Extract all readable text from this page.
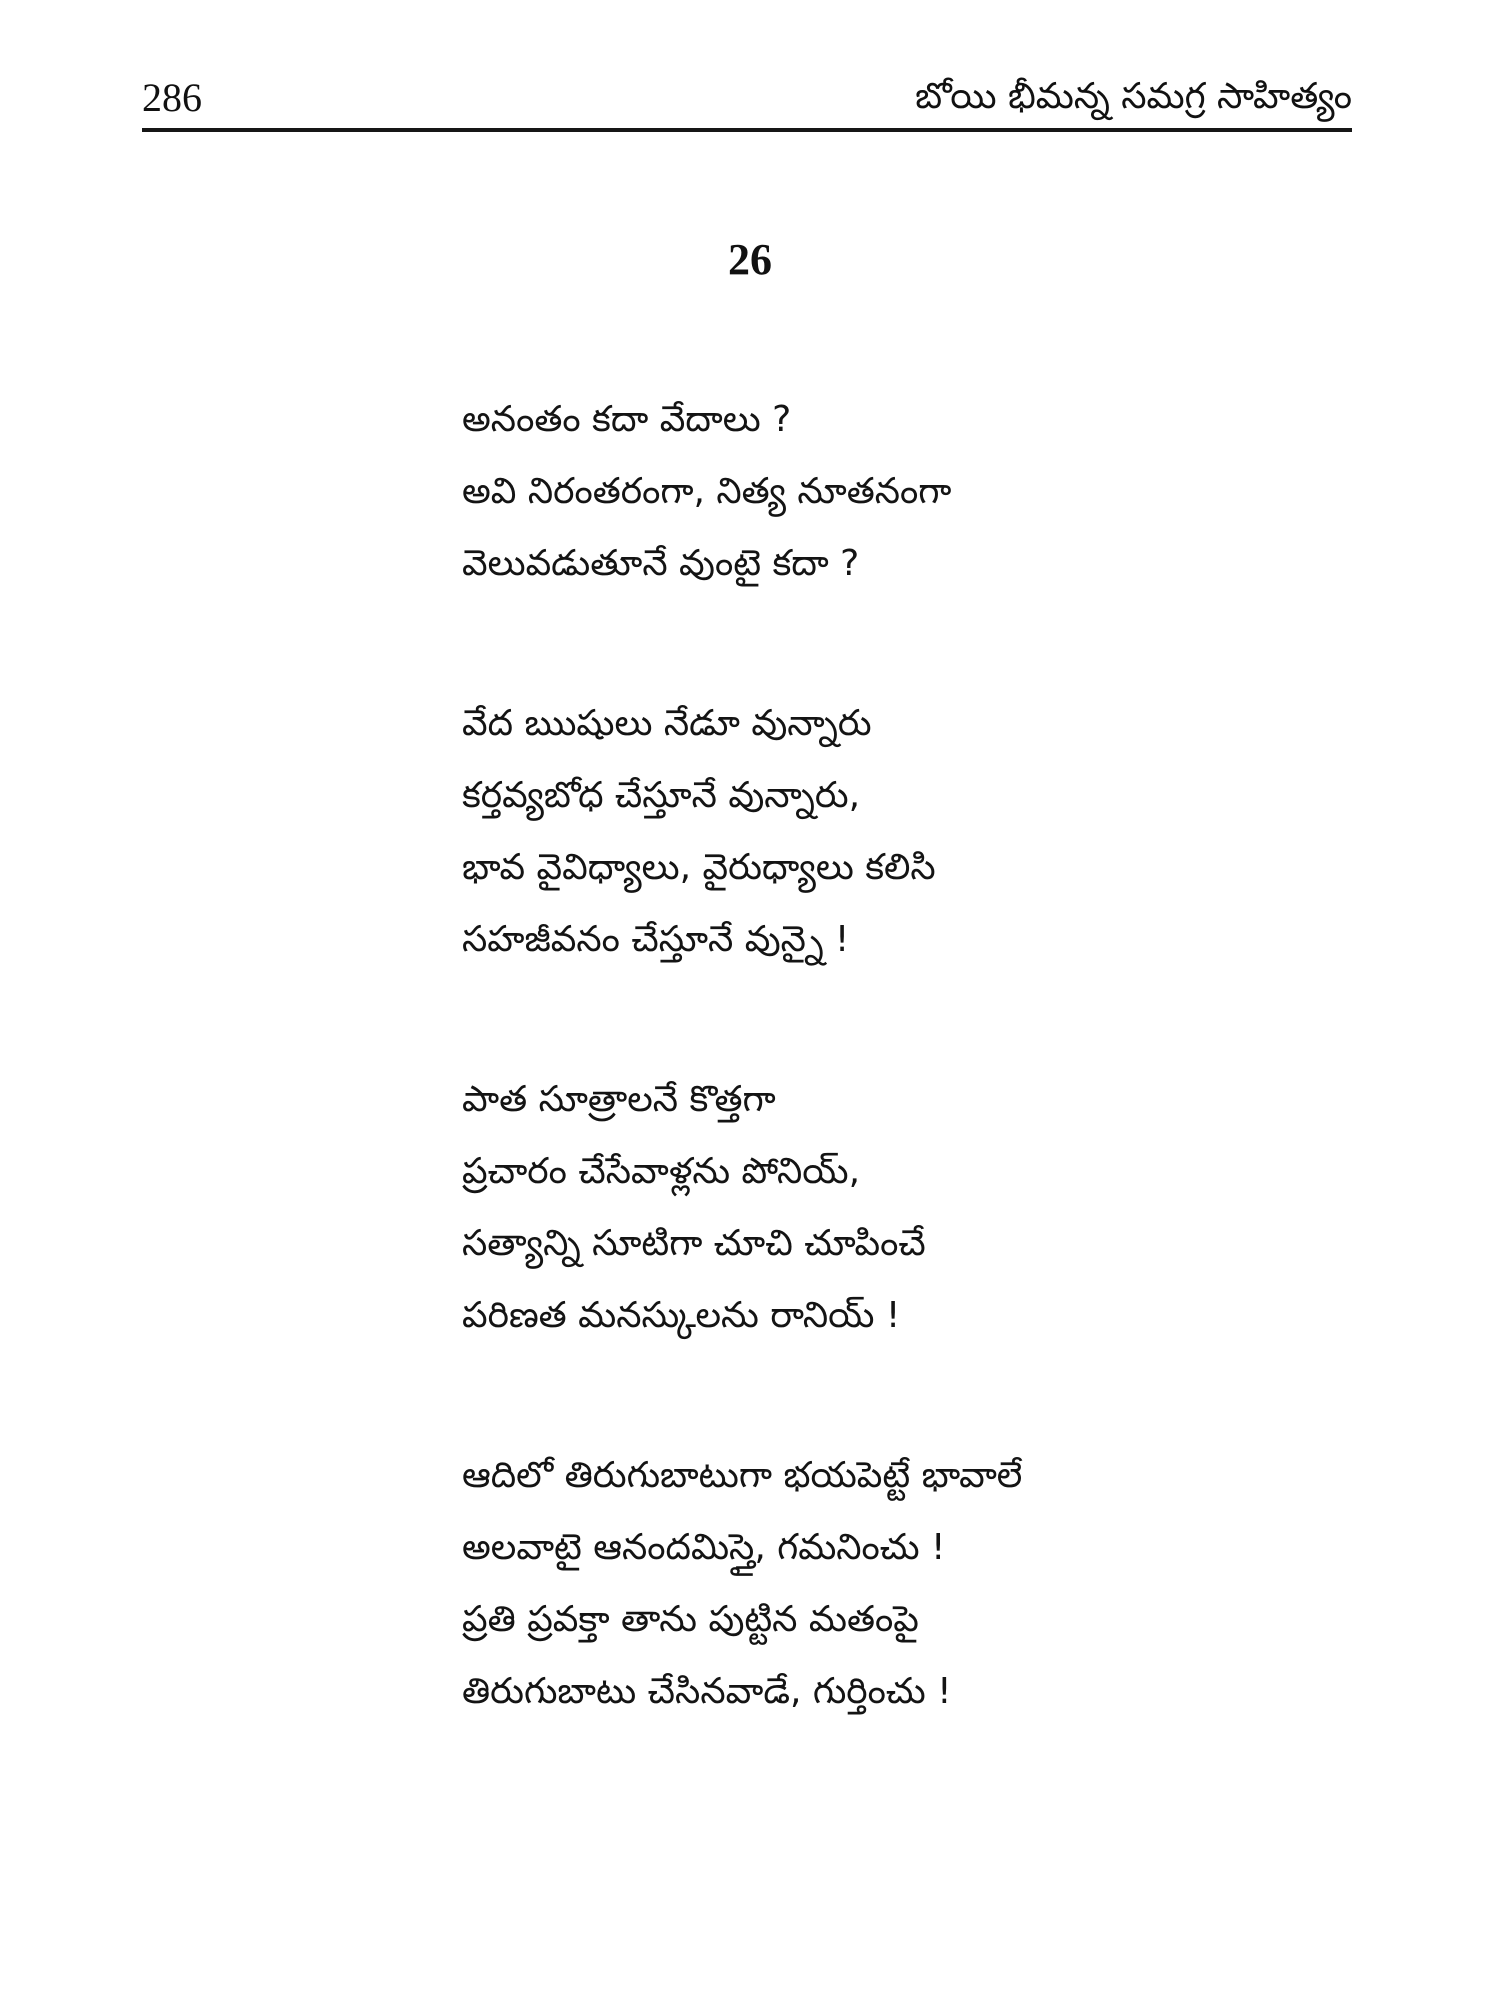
286	బోయి భీమన్న సమగ్ర సాహిత్యం
26
అనంతం కదా వేదాలు ?
అవి నిరంతరంగా, నిత్య నూతనంగా
వెలువడుతూనే వుంటై కదా ?
వేద ఋషులు నేడూ వున్నారు
కర్తవ్యబోధ చేస్తూనే వున్నారు,
భావ వైవిధ్యాలు, వైరుధ్యాలు కలిసి
సహజీవనం చేస్తూనే వున్నై !
పాత సూత్రాలనే కొత్తగా
ప్రచారం చేసేవాళ్లను పోనియ్,
సత్యాన్ని సూటిగా చూచి చూపించే
పరిణత మనస్కులను రానియ్ !
ఆదిలో తిరుగుబాటుగా భయపెట్టే భావాలే
అలవాటై ఆనందమిస్తై, గమనించు !
ప్రతి ప్రవక్తా తాను పుట్టిన మతంపై
తిరుగుబాటు చేసినవాడే, గుర్తించు !
